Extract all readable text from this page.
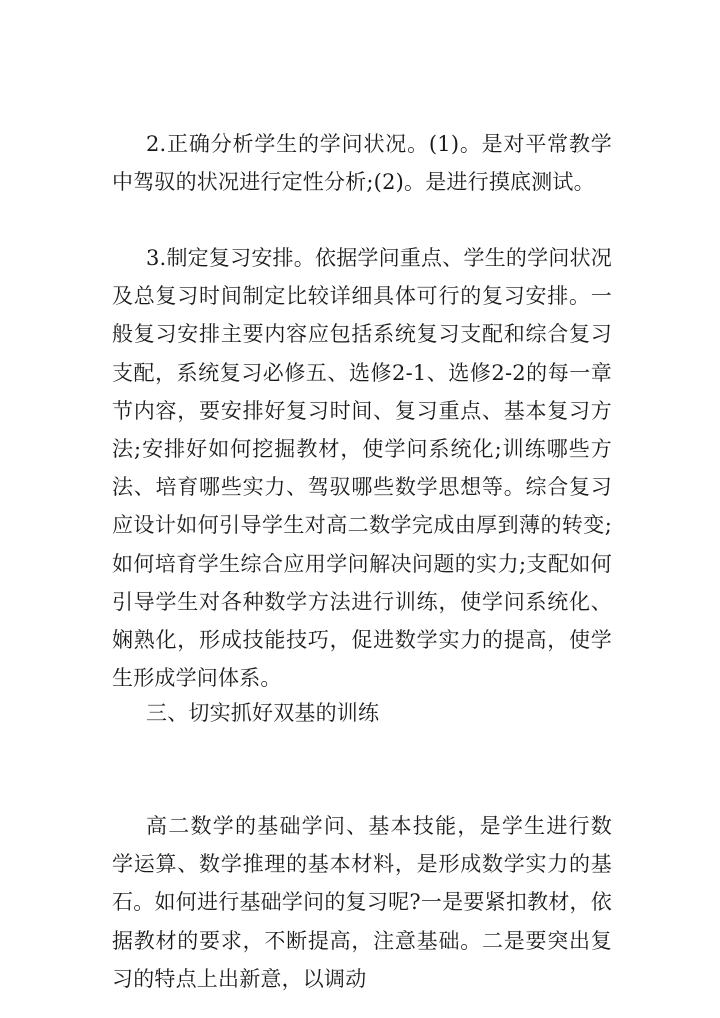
2.正确分析学生的学问状况。(1)。是对平常教学中驾驭的状况进行定性分析;(2)。是进行摸底测试。

3.制定复习安排。依据学问重点、学生的学问状况及总复习时间制定比较详细具体可行的复习安排。一般复习安排主要内容应包括系统复习支配和综合复习支配，系统复习必修五、选修2-1、选修2-2的每一章节内容，要安排好复习时间、复习重点、基本复习方法;安排好如何挖掘教材，使学问系统化;训练哪些方法、培育哪些实力、驾驭哪些数学思想等。综合复习应设计如何引导学生对高二数学完成由厚到薄的转变;如何培育学生综合应用学问解决问题的实力;支配如何引导学生对各种数学方法进行训练，使学问系统化、娴熟化，形成技能技巧，促进数学实力的提高，使学生形成学问体系。

三、切实抓好双基的训练

高二数学的基础学问、基本技能，是学生进行数学运算、数学推理的基本材料，是形成数学实力的基石。如何进行基础学问的复习呢?一是要紧扣教材，依据教材的要求，不断提高，注意基础。二是要突出复习的特点上出新意，以调动
